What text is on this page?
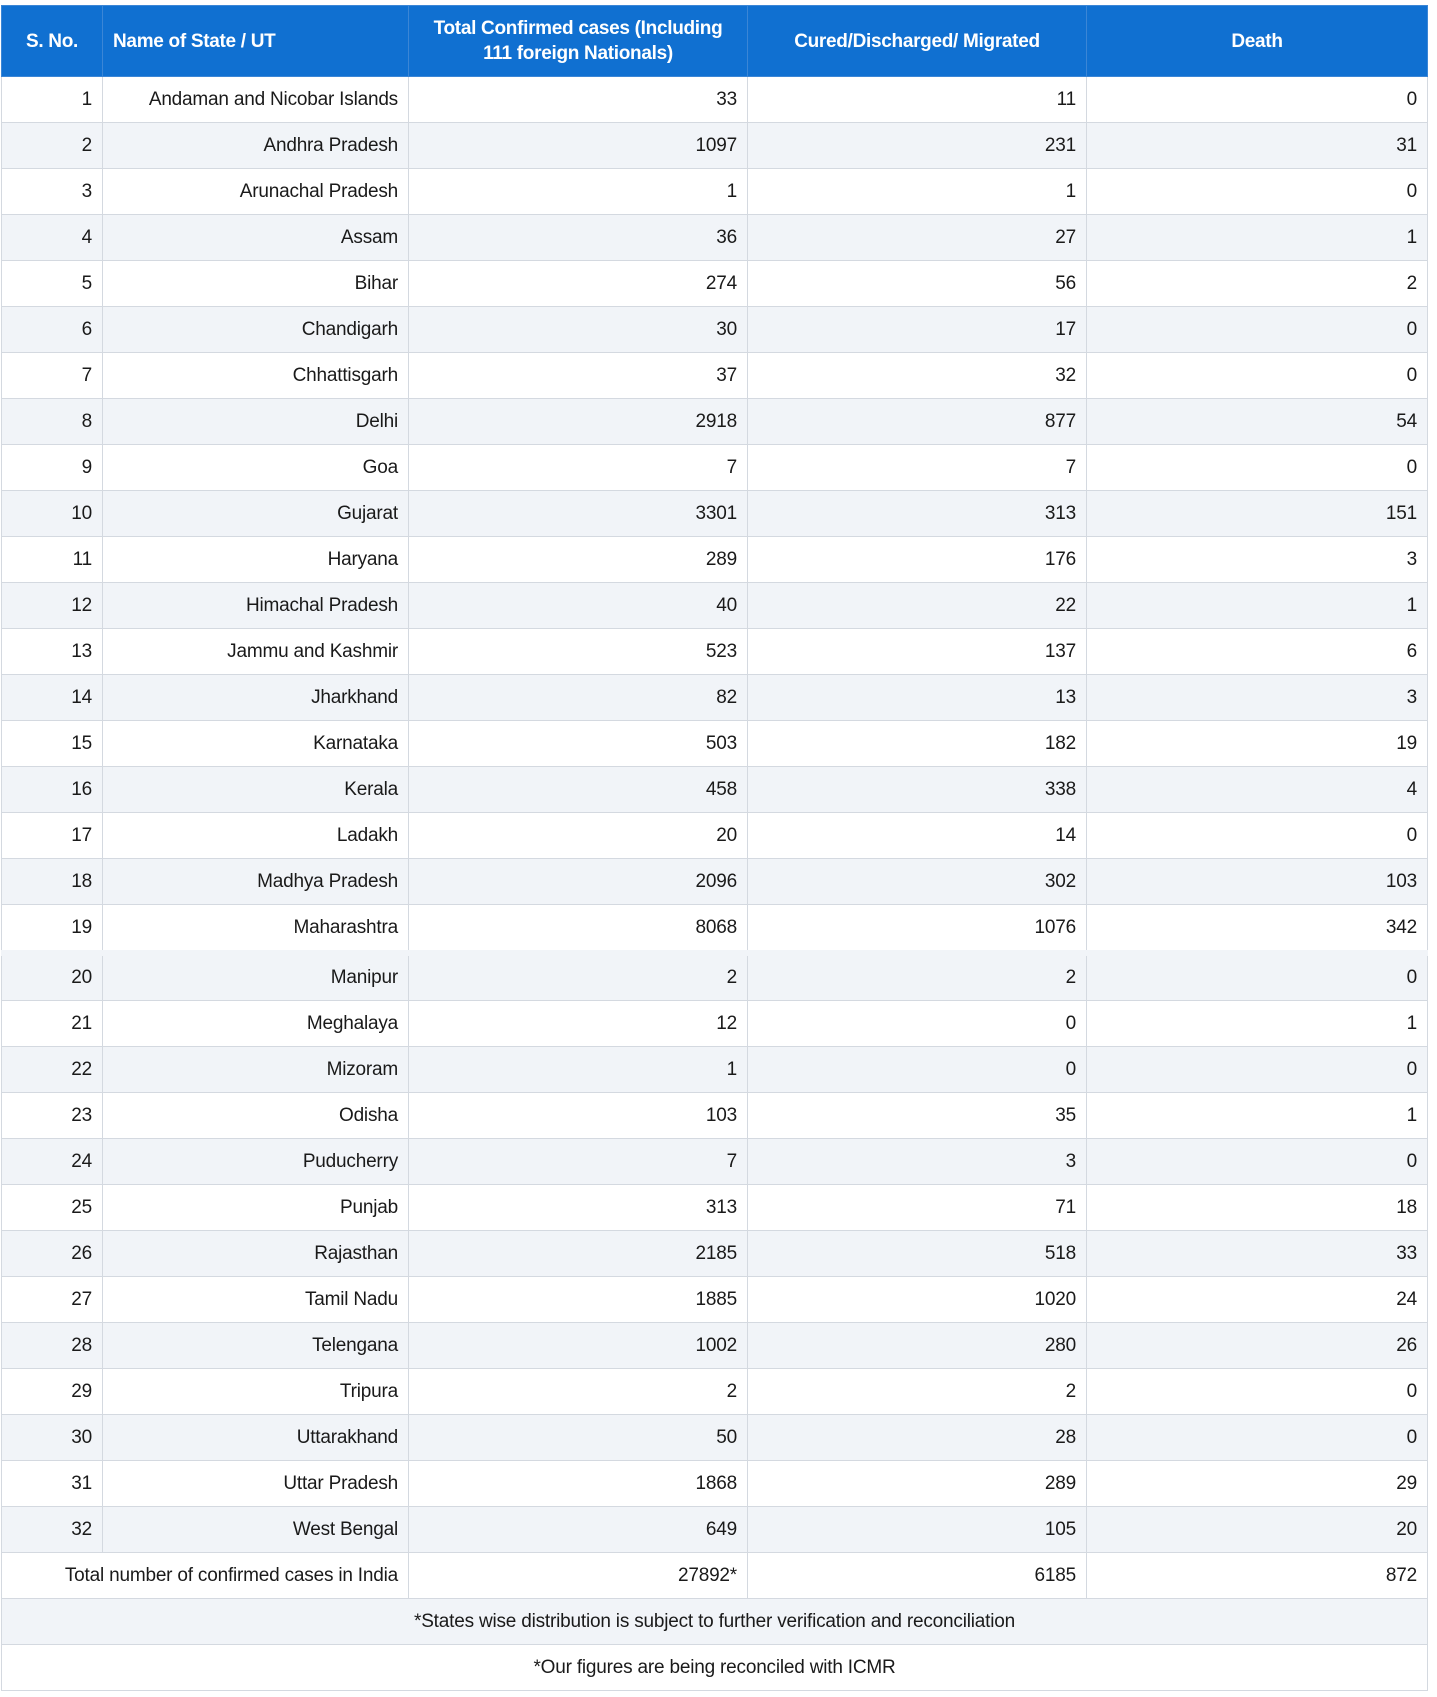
S. No.	Name of State / UT	Total Confirmed cases (Including 111 foreign Nationals)	Cured/Discharged/ Migrated	Death
1	Andaman and Nicobar Islands	33	11	0
2	Andhra Pradesh	1097	231	31
3	Arunachal Pradesh	1	1	0
4	Assam	36	27	1
5	Bihar	274	56	2
6	Chandigarh	30	17	0
7	Chhattisgarh	37	32	0
8	Delhi	2918	877	54
9	Goa	7	7	0
10	Gujarat	3301	313	151
11	Haryana	289	176	3
12	Himachal Pradesh	40	22	1
13	Jammu and Kashmir	523	137	6
14	Jharkhand	82	13	3
15	Karnataka	503	182	19
16	Kerala	458	338	4
17	Ladakh	20	14	0
18	Madhya Pradesh	2096	302	103
19	Maharashtra	8068	1076	342
20	Manipur	2	2	0
21	Meghalaya	12	0	1
22	Mizoram	1	0	0
23	Odisha	103	35	1
24	Puducherry	7	3	0
25	Punjab	313	71	18
26	Rajasthan	2185	518	33
27	Tamil Nadu	1885	1020	24
28	Telengana	1002	280	26
29	Tripura	2	2	0
30	Uttarakhand	50	28	0
31	Uttar Pradesh	1868	289	29
32	West Bengal	649	105	20
Total number of confirmed cases in India		27892*	6185	872
*States wise distribution is subject to further verification and reconciliation				
*Our figures are being reconciled with ICMR				
